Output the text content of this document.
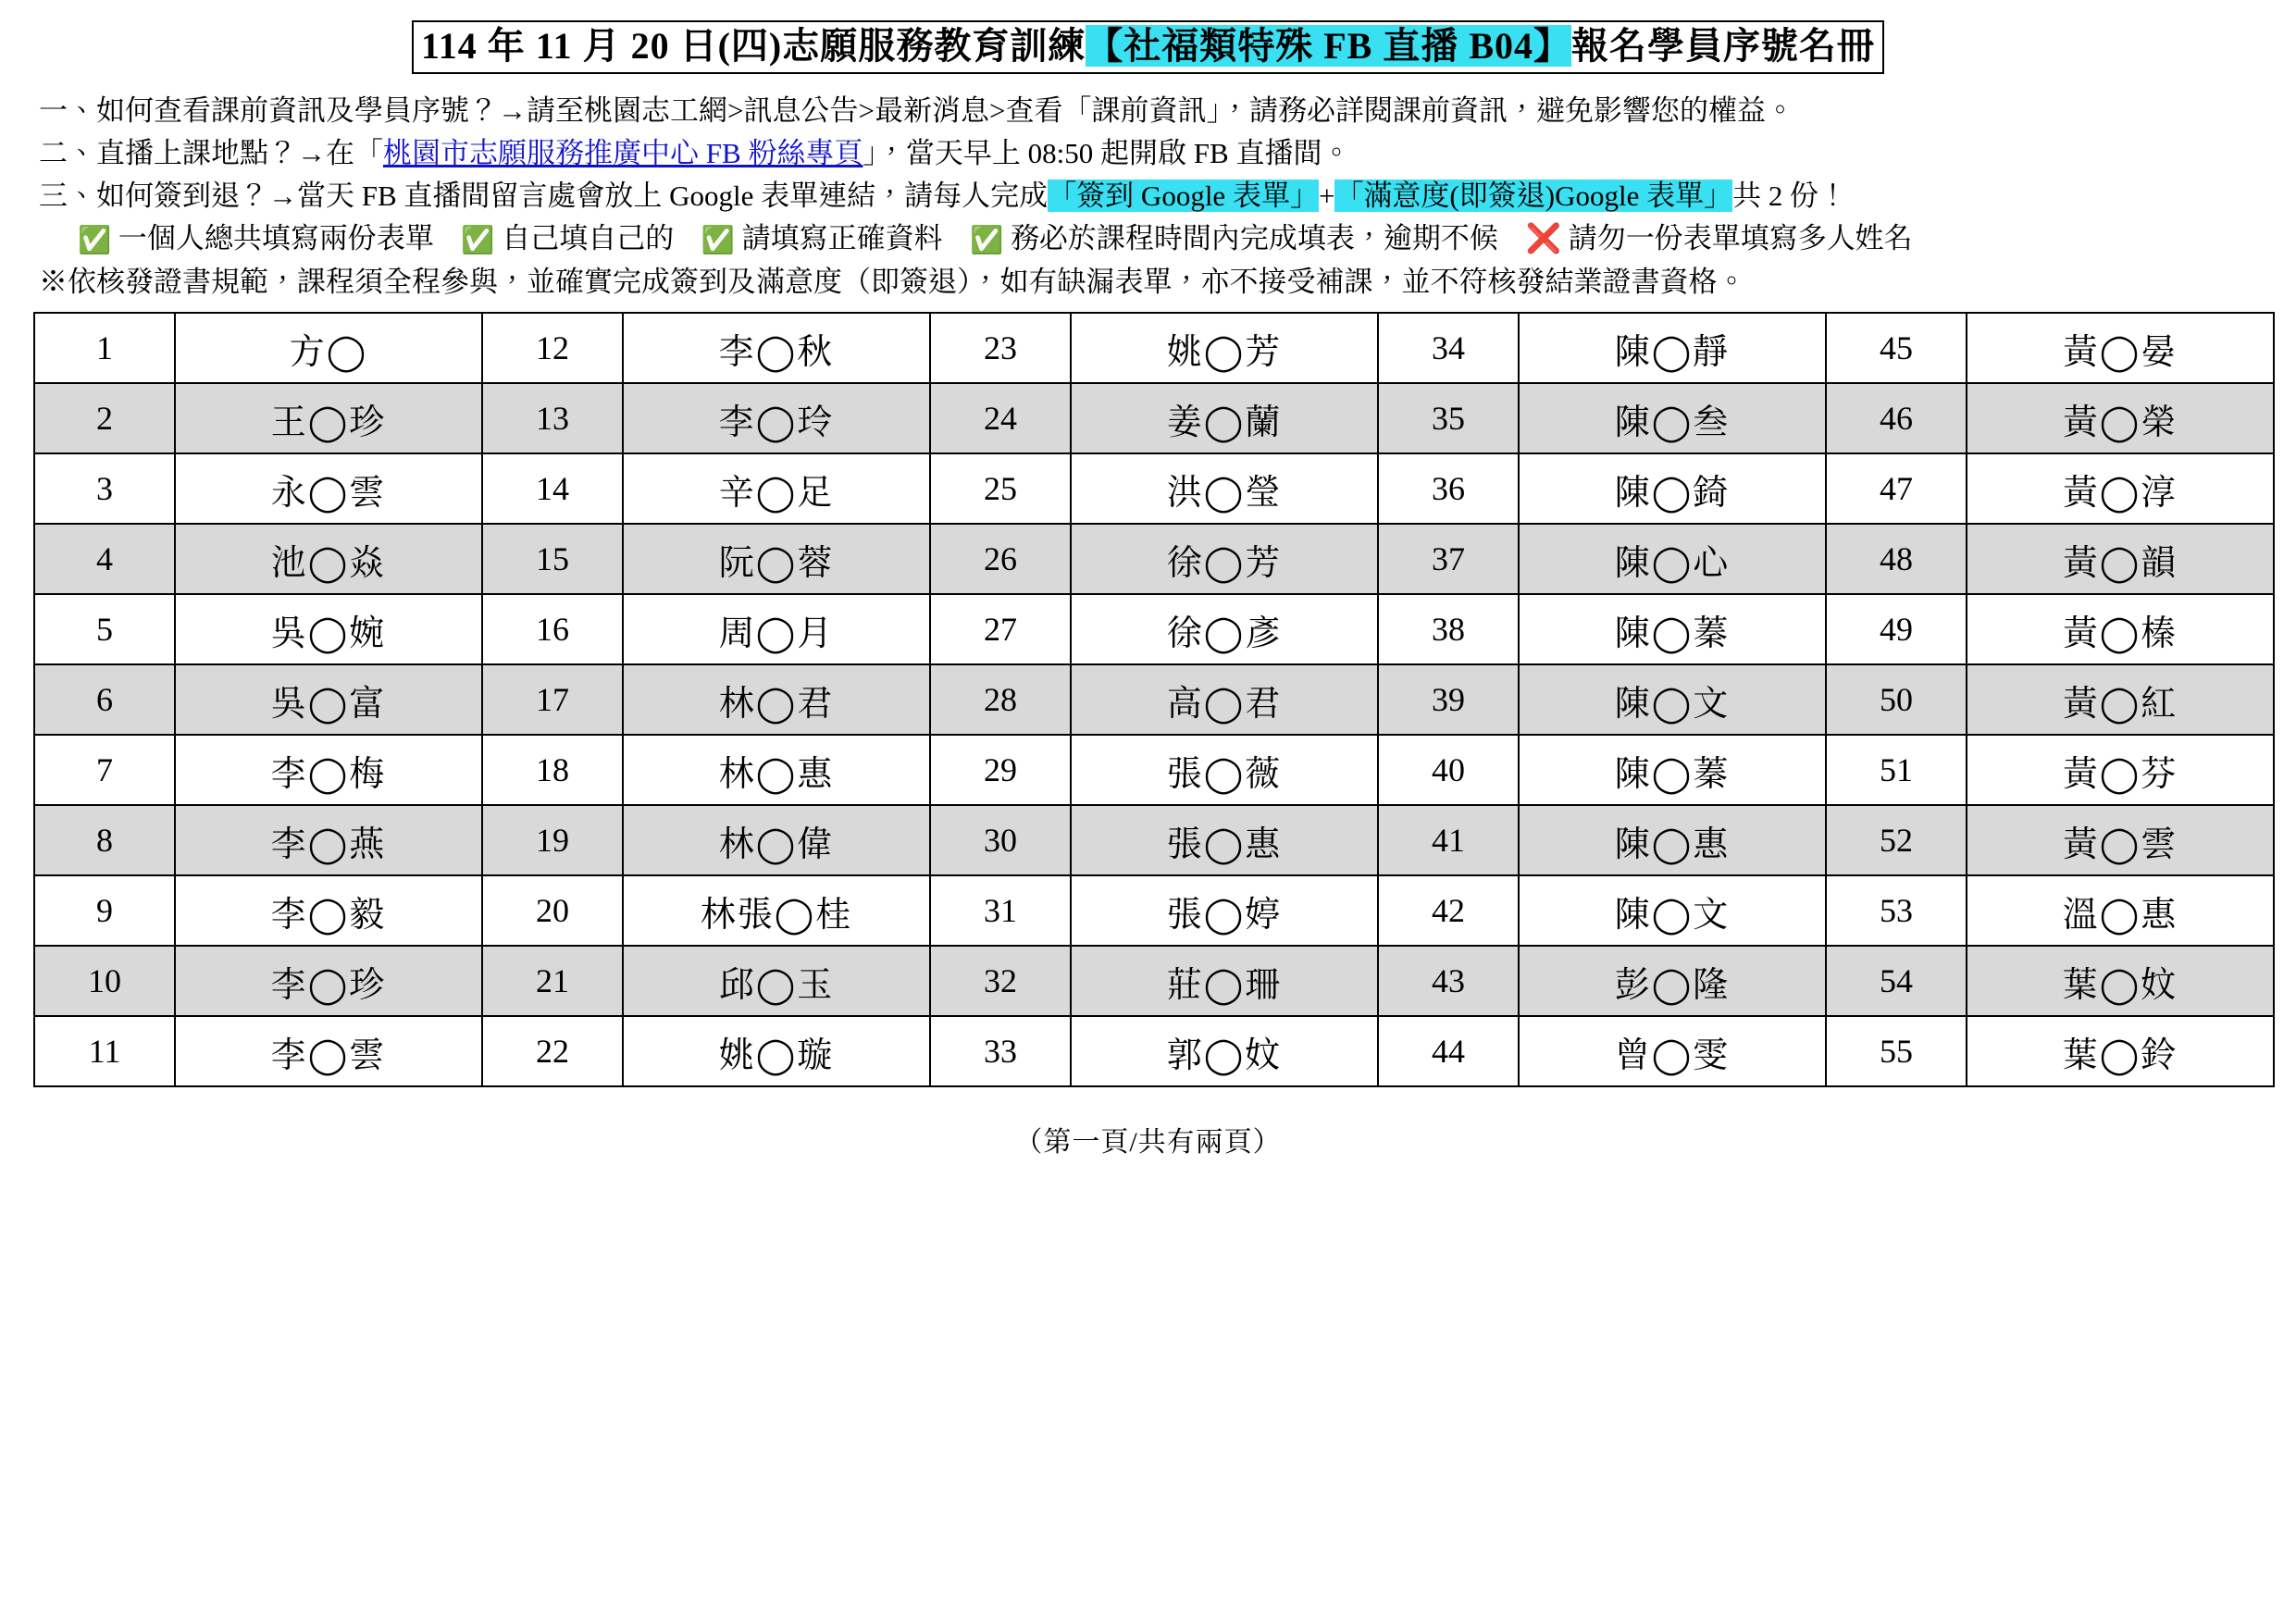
114 年 11 月 20 日(四)志願服務教育訓練【社福類特殊 FB 直播 B04】報名學員序號名冊
一、如何查看課前資訊及學員序號？→請至桃園志工網>訊息公告>最新消息>查看「課前資訊」，請務必詳閱課前資訊，避免影響您的權益。
二、直播上課地點？→在「桃園市志願服務推廣中心 FB 粉絲專頁」，當天早上 08:50 起開啟 FB 直播間。
三、如何簽到退？→當天 FB 直播間留言處會放上 Google 表單連結，請每人完成「簽到 Google 表單」+「滿意度(即簽退)Google 表單」共 2 份！
✅ 一個人總共填寫兩份表單 ✅ 自己填自己的 ✅ 請填寫正確資料 ✅ 務必於課程時間內完成填表，逾期不候 ❌ 請勿一份表單填寫多人姓名
※依核發證書規範，課程須全程參與，並確實完成簽到及滿意度（即簽退），如有缺漏表單，亦不接受補課，並不符核發結業證書資格。
1	方◯	12	李◯秋	23	姚◯芳	34	陳◯靜	45	黃◯晏
2	王◯珍	13	李◯玲	24	姜◯蘭	35	陳◯叁	46	黃◯榮
3	永◯雲	14	辛◯足	25	洪◯瑩	36	陳◯錡	47	黃◯淳
4	池◯焱	15	阮◯蓉	26	徐◯芳	37	陳◯心	48	黃◯韻
5	吳◯婉	16	周◯月	27	徐◯彥	38	陳◯蓁	49	黃◯榛
6	吳◯富	17	林◯君	28	高◯君	39	陳◯文	50	黃◯紅
7	李◯梅	18	林◯惠	29	張◯薇	40	陳◯蓁	51	黃◯芬
8	李◯燕	19	林◯偉	30	張◯惠	41	陳◯惠	52	黃◯雲
9	李◯毅	20	林張◯桂	31	張◯婷	42	陳◯文	53	溫◯惠
10	李◯珍	21	邱◯玉	32	莊◯珊	43	彭◯隆	54	葉◯妏
11	李◯雲	22	姚◯璇	33	郭◯妏	44	曾◯雯	55	葉◯鈴
（第一頁/共有兩頁）
